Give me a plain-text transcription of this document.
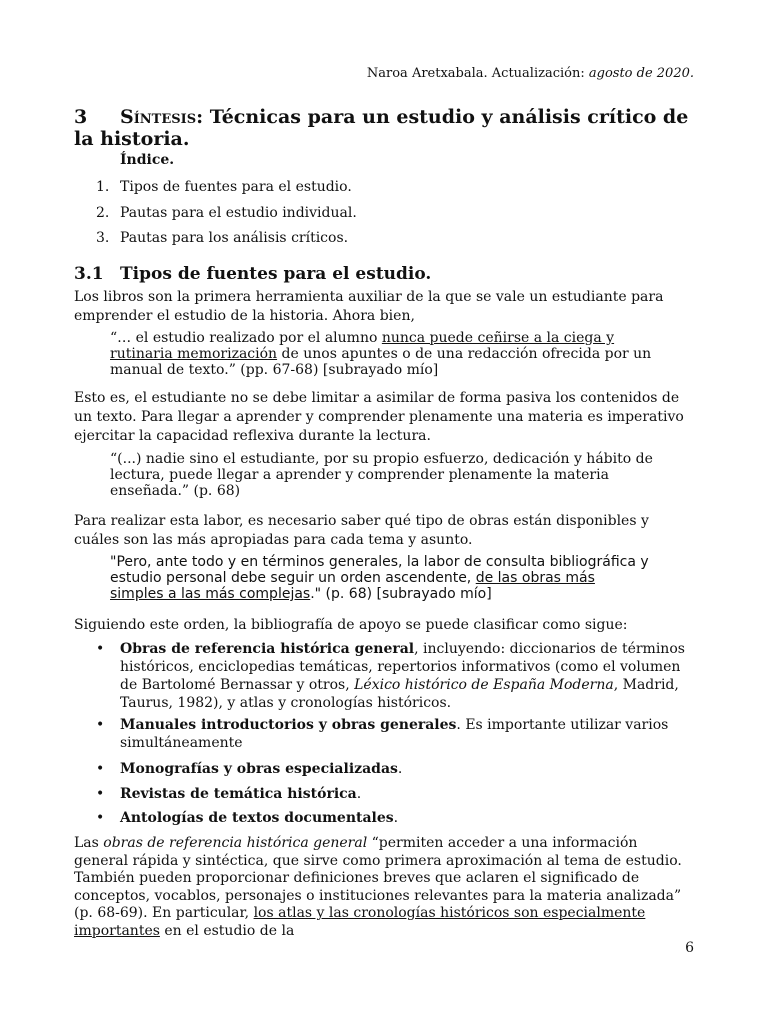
Naroa Aretxabala. Actualización: agosto de 2020.
3 Síntesis: Técnicas para un estudio y análisis crítico de la historia.
Índice.
1. Tipos de fuentes para el estudio.
2. Pautas para el estudio individual.
3. Pautas para los análisis críticos.
3.1 Tipos de fuentes para el estudio.
Los libros son la primera herramienta auxiliar de la que se vale un estudiante para emprender el estudio de la historia. Ahora bien,
“… el estudio realizado por el alumno nunca puede ceñirse a la ciega y rutinaria memorización de unos apuntes o de una redacción ofrecida por un manual de texto.” (pp. 67-68) [subrayado mío]
Esto es, el estudiante no se debe limitar a asimilar de forma pasiva los contenidos de un texto. Para llegar a aprender y comprender plenamente una materia es imperativo ejercitar la capacidad reflexiva durante la lectura.
“(...) nadie sino el estudiante, por su propio esfuerzo, dedicación y hábito de lectura, puede llegar a aprender y comprender plenamente la materia enseñada.” (p. 68)
Para realizar esta labor, es necesario saber qué tipo de obras están disponibles y cuáles son las más apropiadas para cada tema y asunto.
"Pero, ante todo y en términos generales, la labor de consulta bibliográfica y estudio personal debe seguir un orden ascendente, de las obras más simples a las más complejas." (p. 68) [subrayado mío]
Siguiendo este orden, la bibliografía de apoyo se puede clasificar como sigue:
• Obras de referencia histórica general, incluyendo: diccionarios de términos históricos, enciclopedias temáticas, repertorios informativos (como el volumen de Bartolomé Bernassar y otros, Léxico histórico de España Moderna, Madrid, Taurus, 1982), y atlas y cronologías históricos.
• Manuales introductorios y obras generales. Es importante utilizar varios simultáneamente
• Monografías y obras especializadas.
• Revistas de temática histórica.
• Antologías de textos documentales.
Las obras de referencia histórica general “permiten acceder a una información general rápida y sintéctica, que sirve como primera aproximación al tema de estudio. También pueden proporcionar definiciones breves que aclaren el significado de conceptos, vocablos, personajes o instituciones relevantes para la materia analizada” (p. 68-69). En particular, los atlas y las cronologías históricos son especialmente importantes en el estudio de la
6
